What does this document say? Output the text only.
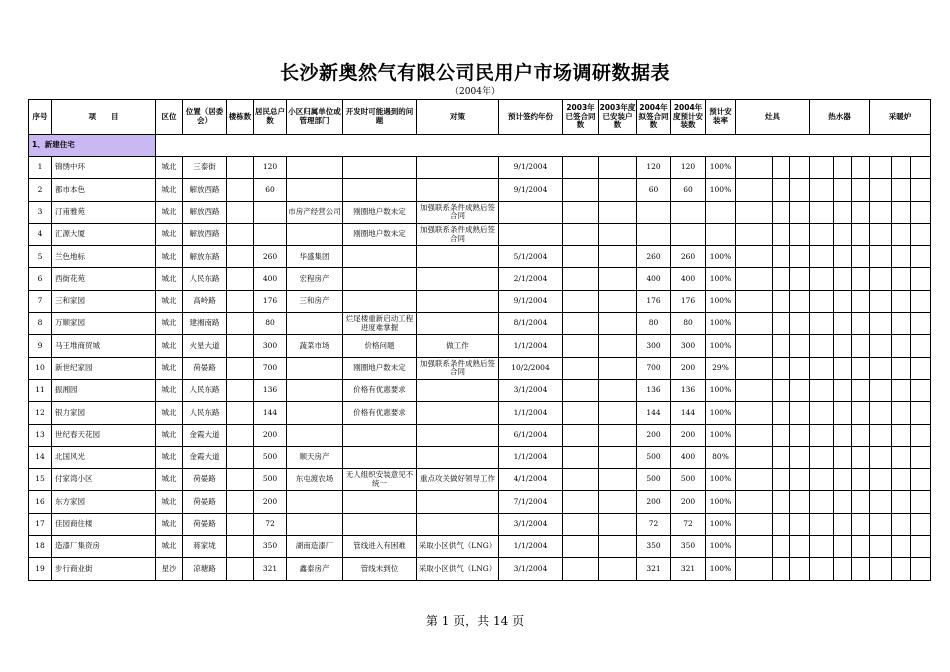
长沙新奥然气有限公司民用户市场调研数据表
（2004年）
序号	项　　目	区位	位置（居委会）	楼栋数	居民总户数	小区归属单位或管理部门	开发时可能遇到的问题	对策	预计签约年份	2003年已签合同数	2003年度已安装户数	2004年拟签合同数	2004年度预计安装数	预计安装率	灶具			热水器			采暖炉		
1、新建住宅																							
1	锦绣中环	城北	三泰街		120				9/1/2004			120	120	100%									
2	都市本色	城北	解放西路		60				9/1/2004			60	60	100%									
3	汀甫雅苑	城北	解放西路			市房产经营公司	刚圈地户数未定	加强联系条件成熟后签合同															
4	汇源大厦	城北	解放西路				刚圈地户数未定	加强联系条件成熟后签合同															
5	兰色地标	城北	解放东路		260	华盛集团			5/1/2004			260	260	100%									
6	西街花苑	城北	人民东路		400	宏程房产			2/1/2004			400	400	100%									
7	三和家园	城北	高岭路		176	三和房产			9/1/2004			176	176	100%									
8	万顺家园	城北	建湘南路		80		烂尾楼重新启动工程进度难掌握		8/1/2004			80	80	100%									
9	马王堆商贸城	城北	火星大道		300	蔬菜市场	价格问题	做工作	1/1/2004			300	300	100%									
10	新世纪家园	城北	荷晏路		700		刚圈地户数未定	加强联系条件成熟后签合同	10/2/2004			700	200	29%									
11	振湘园	城北	人民东路		136		价格有优惠要求		3/1/2004			136	136	100%									
12	银力家园	城北	人民东路		144		价格有优惠要求		1/1/2004			144	144	100%									
13	世纪春天花园	城北	金霞大道		200				6/1/2004			200	200	100%									
14	北国风光	城北	金霞大道		500	顺天房产			1/1/2004			500	400	80%									
15	付家湾小区	城北	荷晏路		500	东屯渡农场	无人组织安装意见不统一	重点攻关做好领导工作	4/1/2004			500	500	100%									
16	东方家园	城北	荷晏路		200				7/1/2004			200	200	100%									
17	佳园商住楼	城北	荷晏路		72				3/1/2004			72	72	100%									
18	造漆厂集资房	城北	蒋家垅		350	湖南造漆厂	管线进入有困难	采取小区供气（LNG）	1/1/2004			350	350	100%									
19	步行商业街	星沙	凉塘路		321	鑫泰房产	管线未到位	采取小区供气（LNG）	3/1/2004			321	321	100%									
第 1 页，共 14 页
